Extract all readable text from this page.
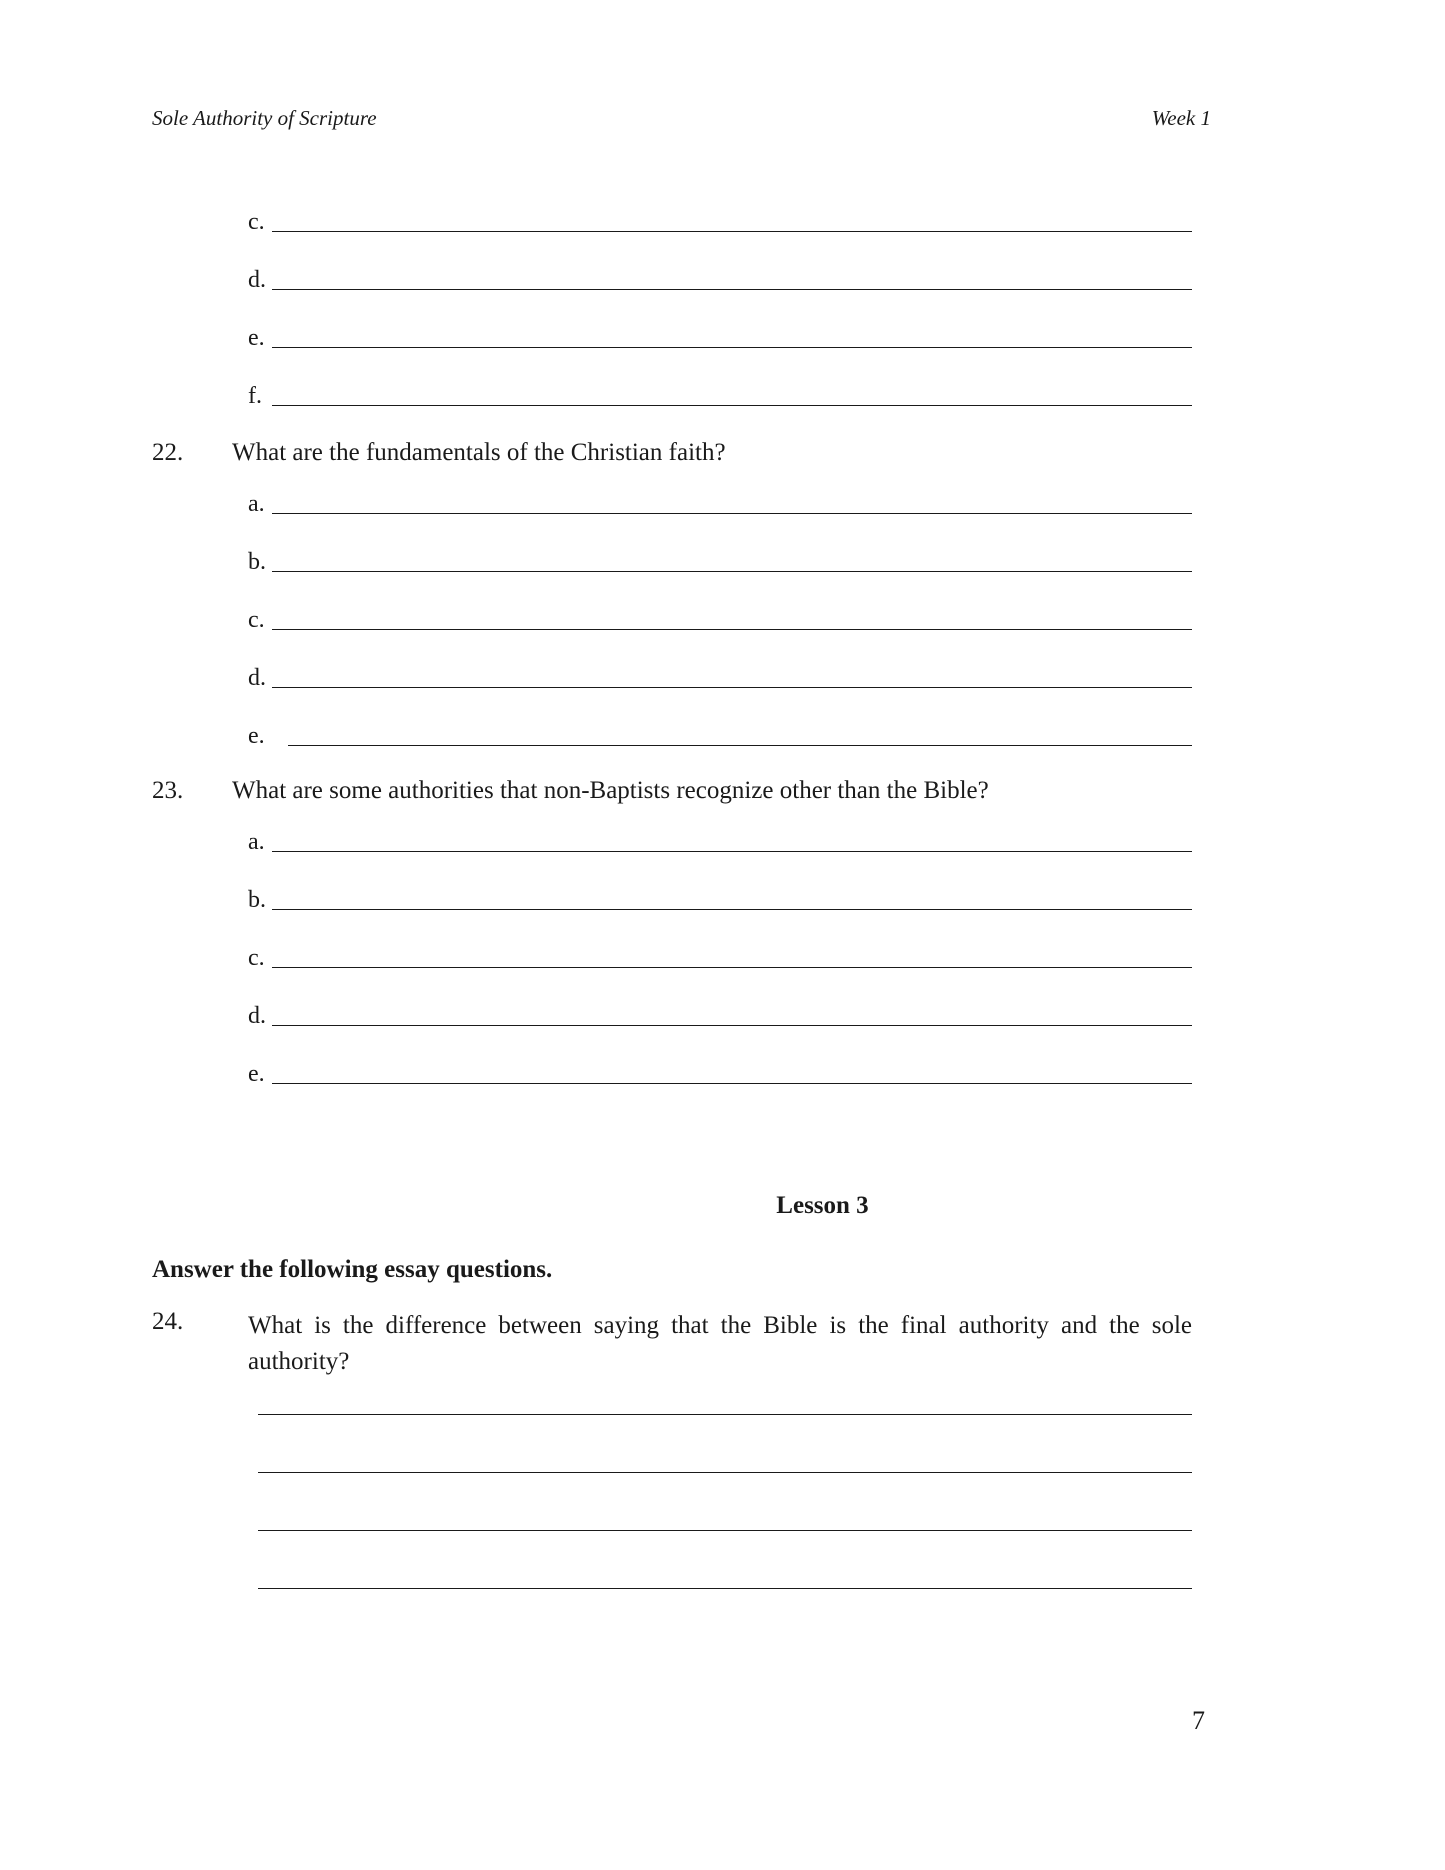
Sole Authority of Scripture	Week 1
c.
d.
e.
f.
22. What are the fundamentals of the Christian faith?
a.
b.
c.
d.
e.
23. What are some authorities that non-Baptists recognize other than the Bible?
a.
b.
c.
d.
e.
Lesson 3
Answer the following essay questions.
24.	What is the difference between saying that the Bible is the final authority and the sole authority?
7
